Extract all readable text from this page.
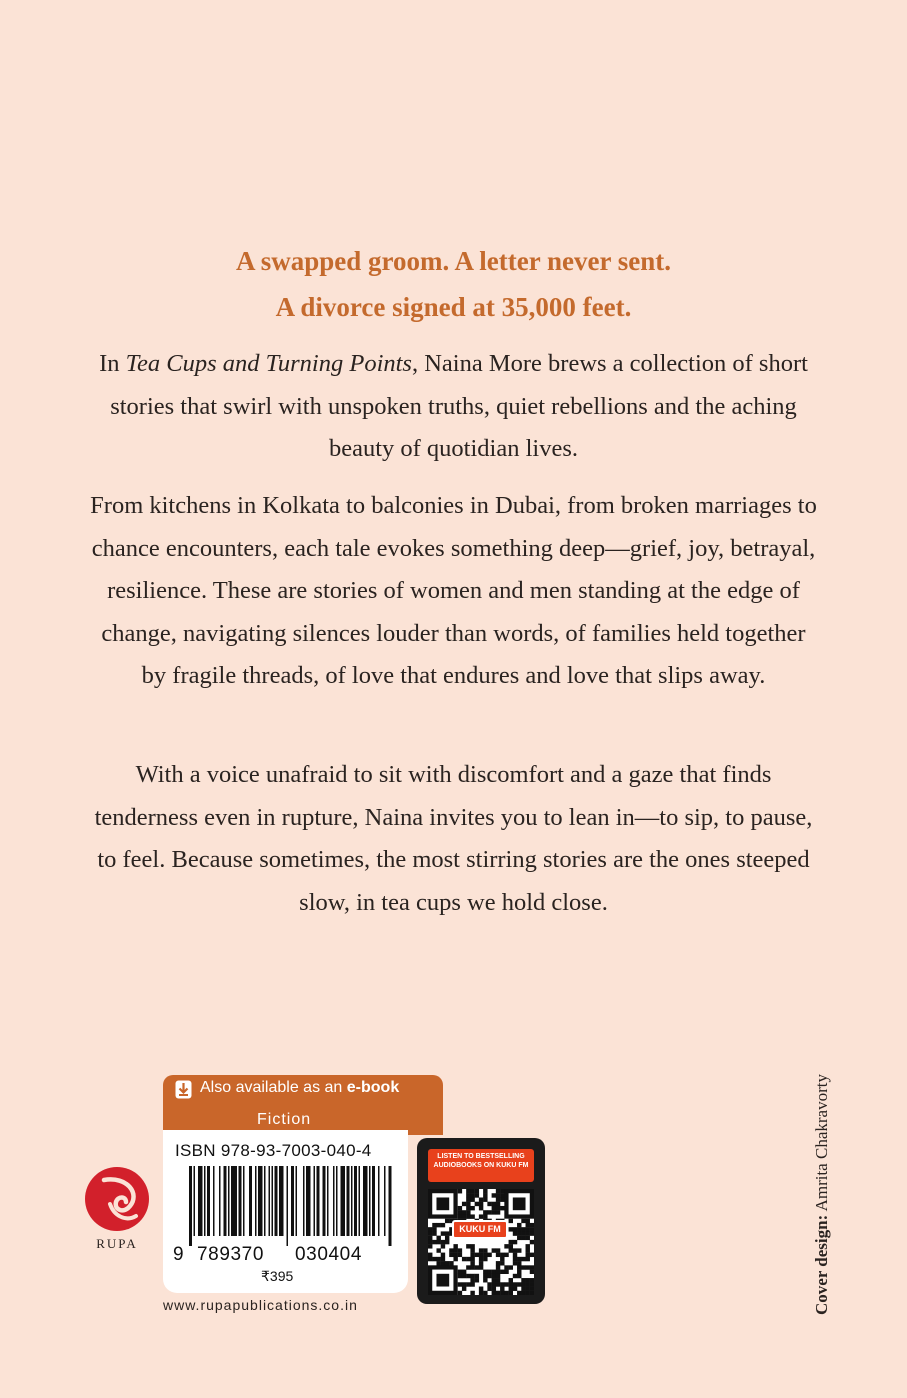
A swapped groom. A letter never sent.
A divorce signed at 35,000 feet.

In Tea Cups and Turning Points, Naina More brews a collection of short stories that swirl with unspoken truths, quiet rebellions and the aching beauty of quotidian lives.

From kitchens in Kolkata to balconies in Dubai, from broken marriages to chance encounters, each tale evokes something deep—grief, joy, betrayal, resilience. These are stories of women and men standing at the edge of change, navigating silences louder than words, of families held together by fragile threads, of love that endures and love that slips away.

With a voice unafraid to sit with discomfort and a gaze that finds tenderness even in rupture, Naina invites you to lean in—to sip, to pause, to feel. Because sometimes, the most stirring stories are the ones steeped slow, in tea cups we hold close.

Cover design: Amrita Chakravorty
RUPA
Also available as an e-book
Fiction
ISBN 978-93-7003-040-4
9 789370 030404
₹395
www.rupapublications.co.in
LISTEN TO BESTSELLING AUDIOBOOKS ON KUKU FM
KUKU FM
